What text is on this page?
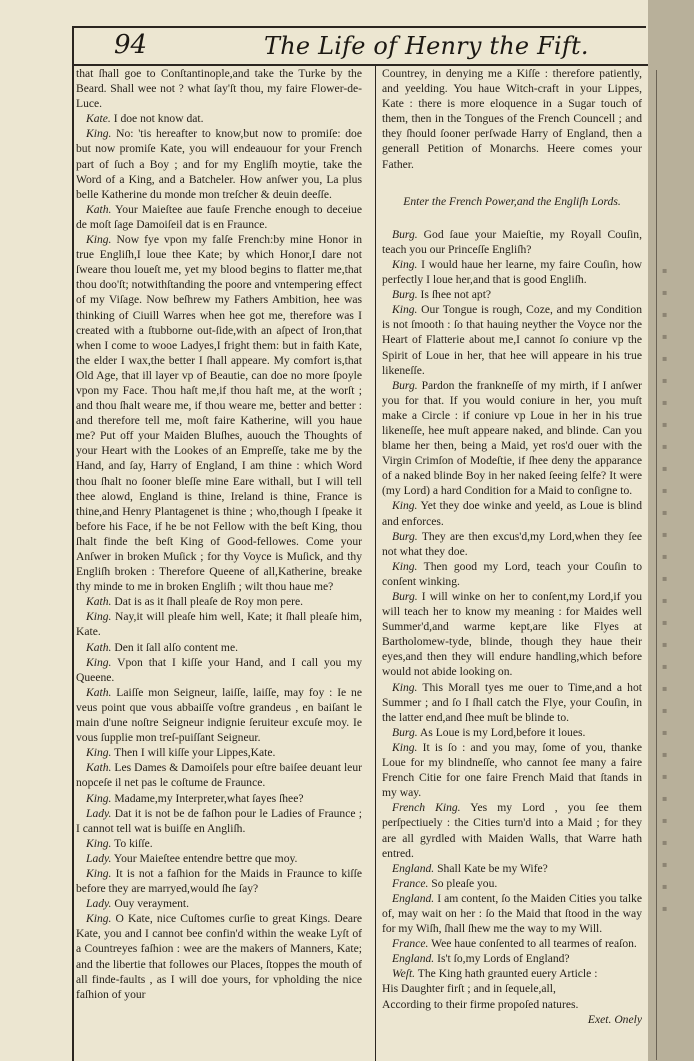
94	The Life of Henry the Fift.

that ſhall goe to Conſtantinople,and take the Turke by the Beard. Shall wee not ? what ſay'ſt thou, my faire Flower-de-Luce.

Kate. I doe not know dat.

King. No: 'tis hereafter to know,but now to promiſe: doe but now promiſe Kate, you will endeauour for your French part of ſuch a Boy ; and for my Engliſh moytie, take the Word of a King, and a Batcheler. How anſwer you, La plus belle Katherine du monde mon treſcher & deuin deeſſe.

Kath. Your Maieſtee aue fauſe Frenche enough to deceiue de moſt ſage Damoiſeil dat is en Fraunce.

King. Now fye vpon my falſe French:by mine Honor in true Engliſh,I loue thee Kate; by which Honor,I dare not ſweare thou loueſt me, yet my blood begins to flatter me,that thou doo'ſt; notwithſtanding the poore and vntempering effect of my Viſage. Now beſhrew my Fathers Ambition, hee was thinking of Ciuill Warres when hee got me, therefore was I created with a ſtubborne out-ſide,with an aſpect of Iron,that when I come to wooe Ladyes,I fright them: but in faith Kate, the elder I wax,the better I ſhall appeare. My comfort is,that Old Age, that ill layer vp of Beautie, can doe no more ſpoyle vpon my Face. Thou haſt me,if thou haſt me, at the worſt ; and thou ſhalt weare me, if thou weare me, better and better : and therefore tell me, moſt faire Katherine, will you haue me? Put off your Maiden Bluſhes, auouch the Thoughts of your Heart with the Lookes of an Empreſſe, take me by the Hand, and ſay, Harry of England, I am thine : which Word thou ſhalt no ſooner bleſſe mine Eare withall, but I will tell thee alowd, England is thine, Ireland is thine, France is thine,and Henry Plantagenet is thine ; who,though I ſpeake it before his Face, if he be not Fellow with the beſt King, thou ſhalt finde the beſt King of Good-fellowes. Come your Anſwer in broken Muſick ; for thy Voyce is Muſick, and thy Engliſh broken : Therefore Queene of all,Katherine, breake thy minde to me in broken Engliſh ; wilt thou haue me?

Kath. Dat is as it ſhall pleaſe de Roy mon pere.

King. Nay,it will pleaſe him well, Kate; it ſhall pleaſe him, Kate.

Kath. Den it ſall alſo content me.

King. Vpon that I kiſſe your Hand, and I call you my Queene.

Kath. Laiſſe mon Seigneur, laiſſe, laiſſe, may foy : Ie ne veus point que vous abbaiſſe voſtre grandeus , en baiſant le main d'une noſtre Seigneur indignie ſeruiteur excuſe moy. Ie vous ſupplie mon treſ-puiſſant Seigneur.

King. Then I will kiſſe your Lippes,Kate.

Kath. Les Dames & Damoiſels pour eſtre baiſee deuant leur nopceſe il net pas le coſtume de Fraunce.

King. Madame,my Interpreter,what ſayes ſhee?

Lady. Dat it is not be de faſhon pour le Ladies of Fraunce ; I cannot tell wat is buiſſe en Angliſh.

King. To kiſſe.

Lady. Your Maieſtee entendre bettre que moy.

King. It is not a faſhion for the Maids in Fraunce to kiſſe before they are marryed,would ſhe ſay?

Lady. Ouy verayment.

King. O Kate, nice Cuſtomes curſie to great Kings. Deare Kate, you and I cannot bee confin'd within the weake Lyſt of a Countreyes faſhion : wee are the makers of Manners, Kate; and the libertie that followes our Places, ſtoppes the mouth of all finde-faults , as I will doe yours, for vpholding the nice faſhion of your

Countrey, in denying me a Kiſſe : therefore patiently, and yeelding. You haue Witch-craft in your Lippes, Kate : there is more eloquence in a Sugar touch of them, then in the Tongues of the French Councell ; and they ſhould ſooner perſwade Harry of England, then a generall Petition of Monarchs. Heere comes your Father.

Enter the French Power,and the Engliſh Lords.

Burg. God ſaue your Maieſtie, my Royall Couſin, teach you our Princeſſe Engliſh?

King. I would haue her learne, my faire Couſin, how perfectly I loue her,and that is good Engliſh.

Burg. Is ſhee not apt?

King. Our Tongue is rough, Coze, and my Condition is not ſmooth : ſo that hauing neyther the Voyce nor the Heart of Flatterie about me,I cannot ſo coniure vp the Spirit of Loue in her, that hee will appeare in his true likeneſſe.

Burg. Pardon the frankneſſe of my mirth, if I anſwer you for that. If you would coniure in her, you muſt make a Circle : if coniure vp Loue in her in his true likeneſſe, hee muſt appeare naked, and blinde. Can you blame her then, being a Maid, yet ros'd ouer with the Virgin Crimſon of Modeſtie, if ſhee deny the apparance of a naked blinde Boy in her naked ſeeing ſelfe? It were (my Lord) a hard Condition for a Maid to conſigne to.

King. Yet they doe winke and yeeld, as Loue is blind and enforces.

Burg. They are then excus'd,my Lord,when they ſee not what they doe.

King. Then good my Lord, teach your Couſin to conſent winking.

Burg. I will winke on her to conſent,my Lord,if you will teach her to know my meaning : for Maides well Summer'd,and warme kept,are like Flyes at Bartholomew-tyde, blinde, though they haue their eyes,and then they will endure handling,which before would not abide looking on.

King. This Morall tyes me ouer to Time,and a hot Summer ; and ſo I ſhall catch the Flye, your Couſin, in the latter end,and ſhee muſt be blinde to.

Burg. As Loue is my Lord,before it loues.

King. It is ſo : and you may, ſome of you, thanke Loue for my blindneſſe, who cannot ſee many a faire French Citie for one faire French Maid that ſtands in my way.

French King. Yes my Lord , you ſee them perſpectiuely : the Cities turn'd into a Maid ; for they are all gyrdled with Maiden Walls, that Warre hath entred.

England. Shall Kate be my Wife?

France. So pleaſe you.

England. I am content, ſo the Maiden Cities you talke of, may wait on her : ſo the Maid that ſtood in the way for my Wiſh, ſhall ſhew me the way to my Will.

France. Wee haue conſented to all tearmes of reaſon.

England. Is't ſo,my Lords of England?

Weſt. The King hath graunted euery Article :

His Daughter firſt ; and in ſequele,all,

According to their firme propoſed natures.

Exet. Onely

▪
▪
▪
▪
▪
▪
▪
▪
▪
▪
▪
▪
▪
▪
▪
▪
▪
▪
▪
▪
▪
▪
▪
▪
▪
▪
▪
▪
▪
▪
